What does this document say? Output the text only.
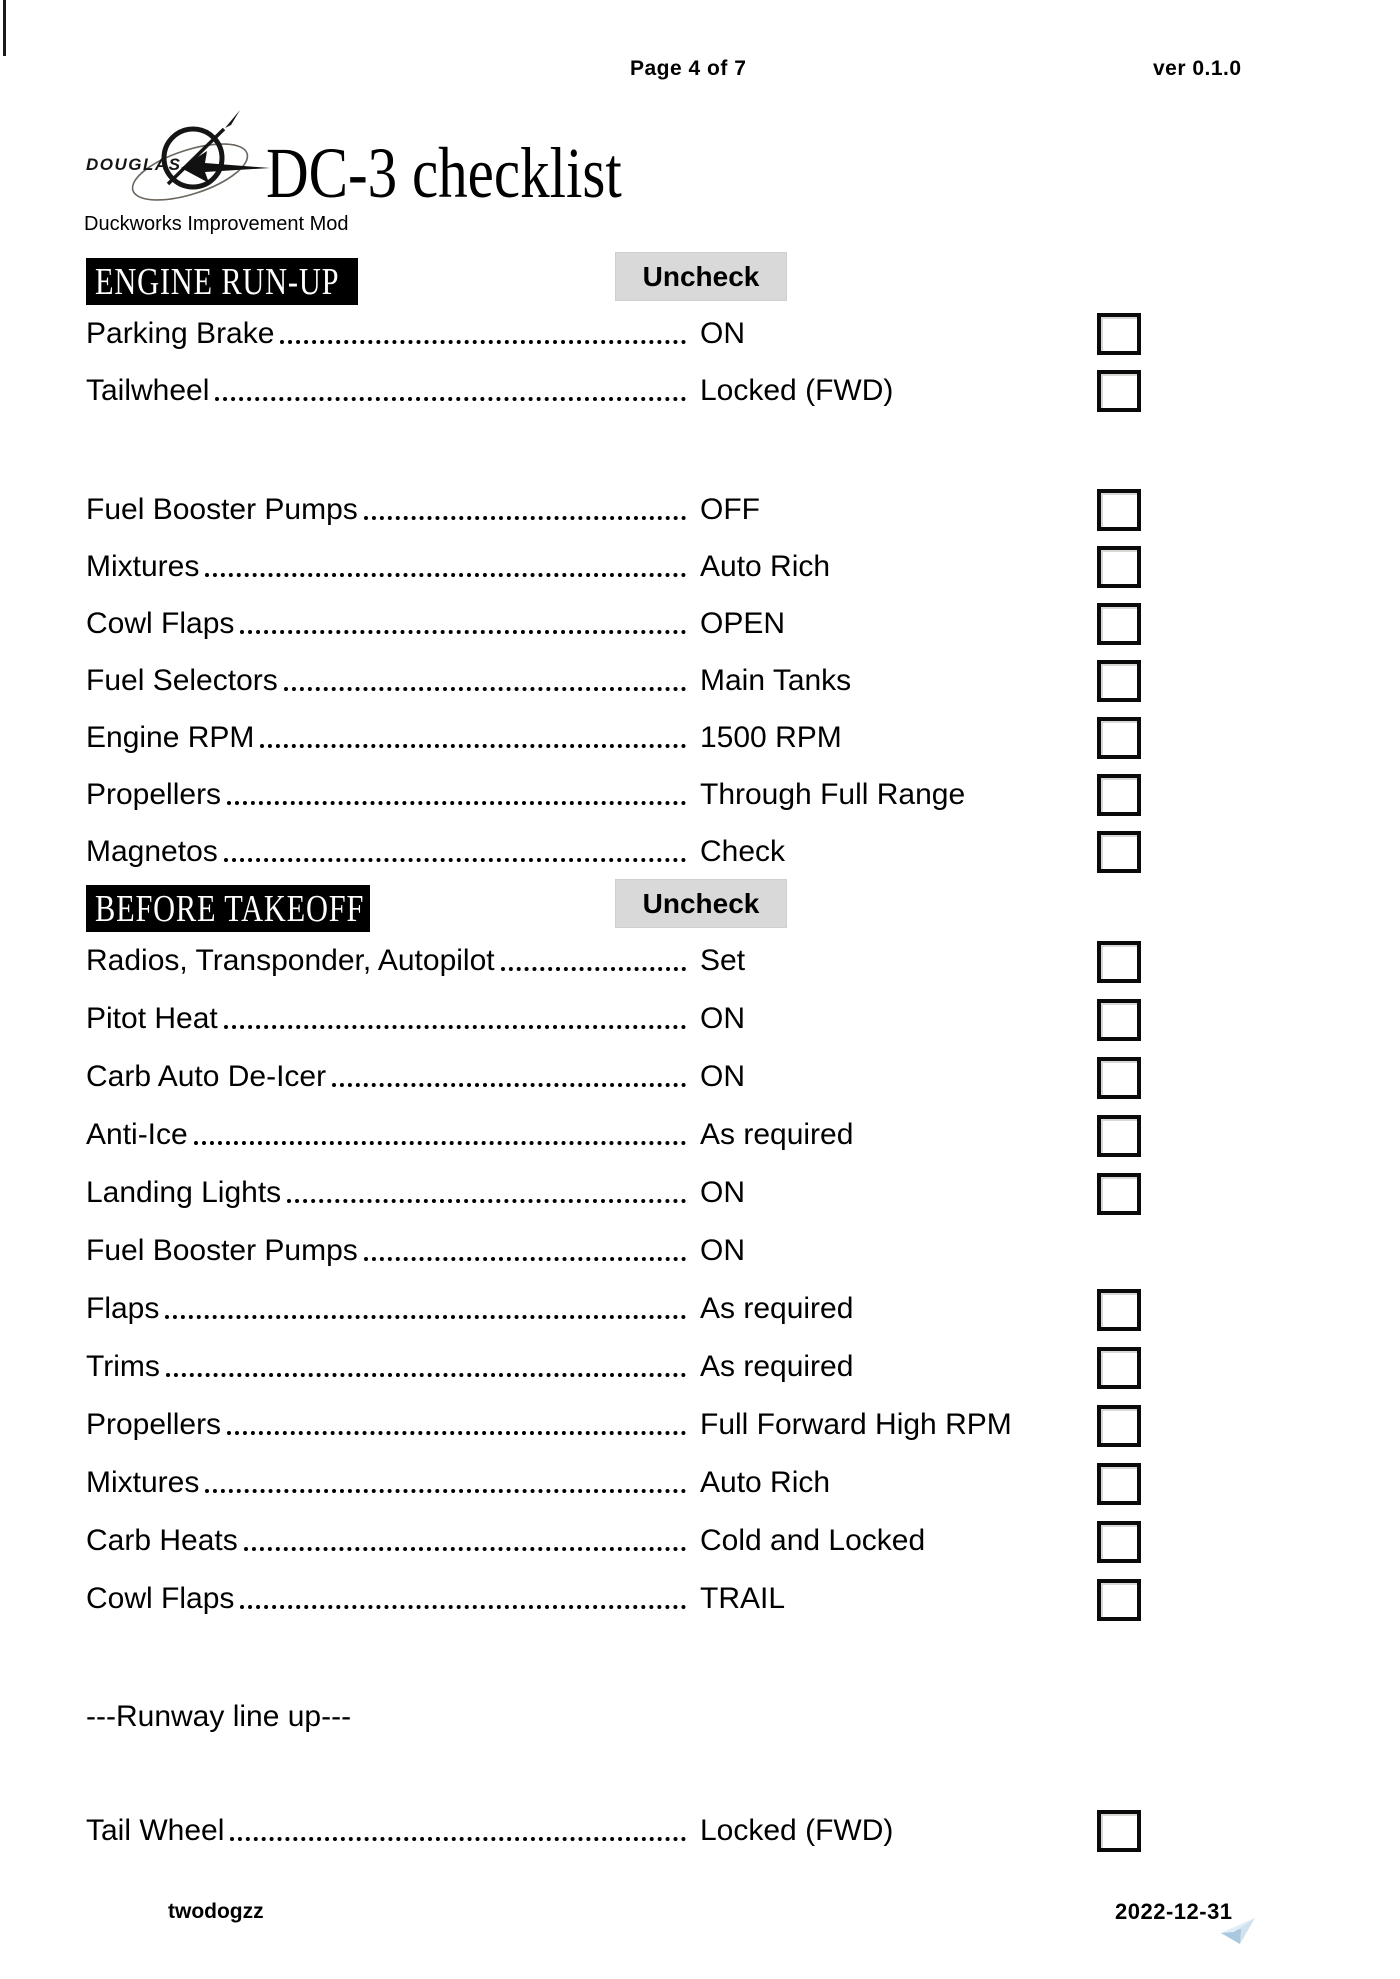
Page 4 of 7	ver 0.1.0
DOUGLAS DC-3 checklist
Duckworks Improvement Mod
ENGINE RUN-UP	Uncheck
Parking Brake	ON
Tailwheel	Locked (FWD)
Fuel Booster Pumps	OFF
Mixtures	Auto Rich
Cowl Flaps	OPEN
Fuel Selectors	Main Tanks
Engine RPM	1500 RPM
Propellers	Through Full Range
Magnetos	Check
BEFORE TAKEOFF	Uncheck
Radios, Transponder, Autopilot	Set
Pitot Heat	ON
Carb Auto De-Icer	ON
Anti-Ice	As required
Landing Lights	ON
Fuel Booster Pumps	ON
Flaps	As required
Trims	As required
Propellers	Full Forward High RPM
Mixtures	Auto Rich
Carb Heats	Cold and Locked
Cowl Flaps	TRAIL
---Runway line up---
Tail Wheel	Locked (FWD)
twodogzz	2022-12-31
